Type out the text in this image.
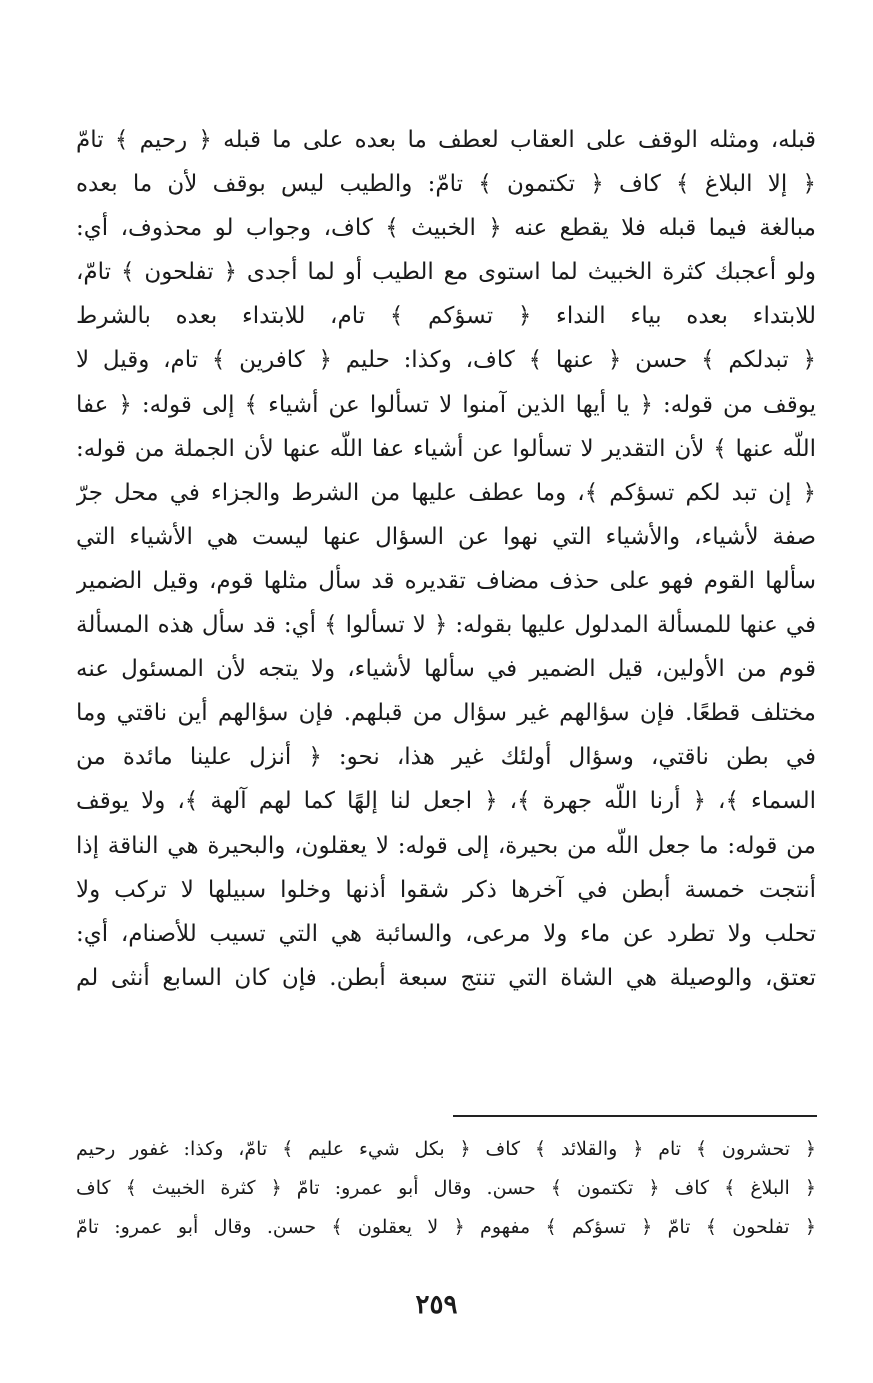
قبله، ومثله الوقف على العقاب لعطف ما بعده على ما قبله ﴿ رحيم ﴾ تامّ
﴿ إلا البلاغ ﴾ كاف ﴿ تكتمون ﴾ تامّ: والطيب ليس بوقف لأن ما بعده
مبالغة فيما قبله فلا يقطع عنه ﴿ الخبيث ﴾ كاف، وجواب لو محذوف، أي:
ولو أعجبك كثرة الخبيث لما استوى مع الطيب أو لما أجدى ﴿ تفلحون ﴾ تامّ،
للابتداء بعده بياء النداء ﴿ تسؤكم ﴾ تام، للابتداء بعده بالشرط
﴿ تبدلكم ﴾ حسن ﴿ عنها ﴾ كاف، وكذا: حليم ﴿ كافرين ﴾ تام، وقيل لا
يوقف من قوله: ﴿ يا أيها الذين آمنوا لا تسألوا عن أشياء ﴾ إلى قوله: ﴿ عفا
اللّه عنها ﴾ لأن التقدير لا تسألوا عن أشياء عفا اللّه عنها لأن الجملة من قوله:
﴿ إن تبد لكم تسؤكم ﴾، وما عطف عليها من الشرط والجزاء في محل جرّ
صفة لأشياء، والأشياء التي نهوا عن السؤال عنها ليست هي الأشياء التي
سألها القوم فهو على حذف مضاف تقديره قد سأل مثلها قوم، وقيل الضمير
في عنها للمسألة المدلول عليها بقوله: ﴿ لا تسألوا ﴾ أي: قد سأل هذه المسألة
قوم من الأولين، قيل الضمير في سألها لأشياء، ولا يتجه لأن المسئول عنه
مختلف قطعًا. فإن سؤالهم غير سؤال من قبلهم. فإن سؤالهم أين ناقتي وما
في بطن ناقتي، وسؤال أولئك غير هذا، نحو: ﴿ أنزل علينا مائدة من
السماء ﴾، ﴿ أرنا اللّه جهرة ﴾، ﴿ اجعل لنا إلهًا كما لهم آلهة ﴾، ولا يوقف
من قوله: ما جعل اللّه من بحيرة، إلى قوله: لا يعقلون، والبحيرة هي الناقة إذا
أنتجت خمسة أبطن في آخرها ذكر شقوا أذنها وخلوا سبيلها لا تركب ولا
تحلب ولا تطرد عن ماء ولا مرعى، والسائبة هي التي تسيب للأصنام، أي:
تعتق، والوصيلة هي الشاة التي تنتج سبعة أبطن. فإن كان السابع أنثى لم
﴿ تحشرون ﴾ تام ﴿ والقلائد ﴾ كاف ﴿ بكل شيء عليم ﴾ تامّ، وكذا: غفور رحيم
﴿ البلاغ ﴾ كاف ﴿ تكتمون ﴾ حسن. وقال أبو عمرو: تامّ ﴿ كثرة الخبيث ﴾ كاف
﴿ تفلحون ﴾ تامّ ﴿ تسؤكم ﴾ مفهوم ﴿ لا يعقلون ﴾ حسن. وقال أبو عمرو: تامّ
٢٥٩
